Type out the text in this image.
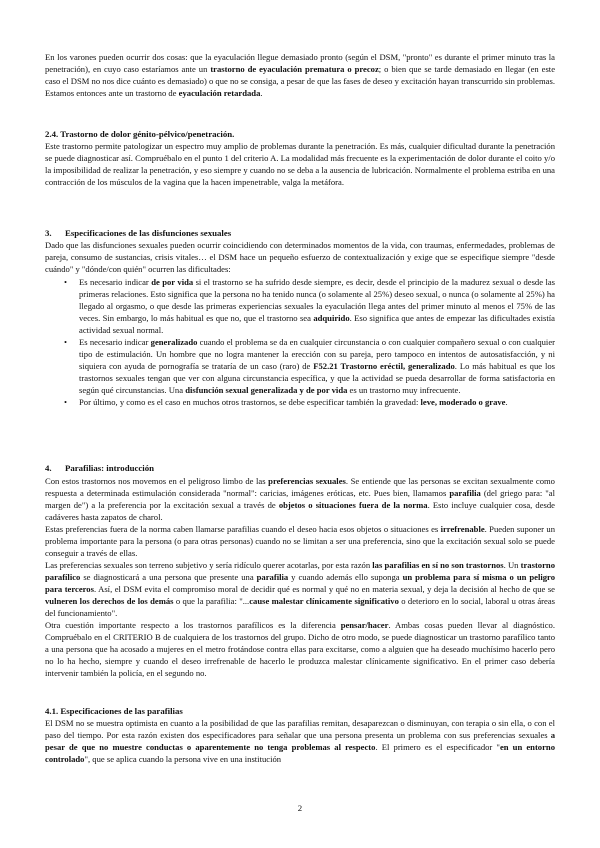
En los varones pueden ocurrir dos cosas: que la eyaculación llegue demasiado pronto (según el DSM, "pronto" es durante el primer minuto tras la penetración), en cuyo caso estaríamos ante un trastorno de eyaculación prematura o precoz; o bien que se tarde demasiado en llegar (en este caso el DSM no nos dice cuánto es demasiado) o que no se consiga, a pesar de que las fases de deseo y excitación hayan transcurrido sin problemas. Estamos entonces ante un trastorno de eyaculación retardada.

2.4. Trastorno de dolor génito-pélvico/penetración.

Este trastorno permite patologizar un espectro muy amplio de problemas durante la penetración. Es más, cualquier dificultad durante la penetración se puede diagnosticar así. Compruébalo en el punto 1 del criterio A. La modalidad más frecuente es la experimentación de dolor durante el coito y/o la imposibilidad de realizar la penetración, y eso siempre y cuando no se deba a la ausencia de lubricación. Normalmente el problema estriba en una contracción de los músculos de la vagina que la hacen impenetrable, valga la metáfora.

3. Especificaciones de las disfunciones sexuales

Dado que las disfunciones sexuales pueden ocurrir coincidiendo con determinados momentos de la vida, con traumas, enfermedades, problemas de pareja, consumo de sustancias, crisis vitales… el DSM hace un pequeño esfuerzo de contextualización y exige que se especifique siempre "desde cuándo" y "dónde/con quién" ocurren las dificultades:

• Es necesario indicar de por vida si el trastorno se ha sufrido desde siempre, es decir, desde el principio de la madurez sexual o desde las primeras relaciones. Esto significa que la persona no ha tenido nunca (o solamente al 25%) deseo sexual, o nunca (o solamente al 25%) ha llegado al orgasmo, o que desde las primeras experiencias sexuales la eyaculación llega antes del primer minuto al menos el 75% de las veces. Sin embargo, lo más habitual es que no, que el trastorno sea adquirido. Eso significa que antes de empezar las dificultades existía actividad sexual normal.
• Es necesario indicar generalizado cuando el problema se da en cualquier circunstancia o con cualquier compañero sexual o con cualquier tipo de estimulación. Un hombre que no logra mantener la erección con su pareja, pero tampoco en intentos de autosatisfacción, y ni siquiera con ayuda de pornografía se trataría de un caso (raro) de F52.21 Trastorno eréctil, generalizado. Lo más habitual es que los trastornos sexuales tengan que ver con alguna circunstancia específica, y que la actividad se pueda desarrollar de forma satisfactoria en según qué circunstancias. Una disfunción sexual generalizada y de por vida es un trastorno muy infrecuente.
• Por último, y como es el caso en muchos otros trastornos, se debe especificar también la gravedad: leve, moderado o grave.

4. Parafilias: introducción

Con estos trastornos nos movemos en el peligroso limbo de las preferencias sexuales. Se entiende que las personas se excitan sexualmente como respuesta a determinada estimulación considerada "normal": caricias, imágenes eróticas, etc. Pues bien, llamamos parafilia (del griego para: "al margen de") a la preferencia por la excitación sexual a través de objetos o situaciones fuera de la norma. Esto incluye cualquier cosa, desde cadáveres hasta zapatos de charol.

Estas preferencias fuera de la norma caben llamarse parafilias cuando el deseo hacia esos objetos o situaciones es irrefrenable. Pueden suponer un problema importante para la persona (o para otras personas) cuando no se limitan a ser una preferencia, sino que la excitación sexual solo se puede conseguir a través de ellas.

Las preferencias sexuales son terreno subjetivo y sería ridículo querer acotarlas, por esta razón las parafilias en sí no son trastornos. Un trastorno parafílico se diagnosticará a una persona que presente una parafilia y cuando además ello suponga un problema para sí misma o un peligro para terceros. Así, el DSM evita el compromiso moral de decidir qué es normal y qué no en materia sexual, y deja la decisión al hecho de que se vulneren los derechos de los demás o que la parafilia: "...cause malestar clínicamente significativo o deterioro en lo social, laboral u otras áreas del funcionamiento".

Otra cuestión importante respecto a los trastornos parafílicos es la diferencia pensar/hacer. Ambas cosas pueden llevar al diagnóstico. Compruébalo en el CRITERIO B de cualquiera de los trastornos del grupo. Dicho de otro modo, se puede diagnosticar un trastorno parafílico tanto a una persona que ha acosado a mujeres en el metro frotándose contra ellas para excitarse, como a alguien que ha deseado muchísimo hacerlo pero no lo ha hecho, siempre y cuando el deseo irrefrenable de hacerlo le produzca malestar clínicamente significativo. En el primer caso debería intervenir también la policía, en el segundo no.

4.1. Especificaciones de las parafilias

El DSM no se muestra optimista en cuanto a la posibilidad de que las parafilias remitan, desaparezcan o disminuyan, con terapia o sin ella, o con el paso del tiempo. Por esta razón existen dos especificadores para señalar que una persona presenta un problema con sus preferencias sexuales a pesar de que no muestre conductas o aparentemente no tenga problemas al respecto. El primero es el especificador "en un entorno controlado", que se aplica cuando la persona vive en una institución

2
